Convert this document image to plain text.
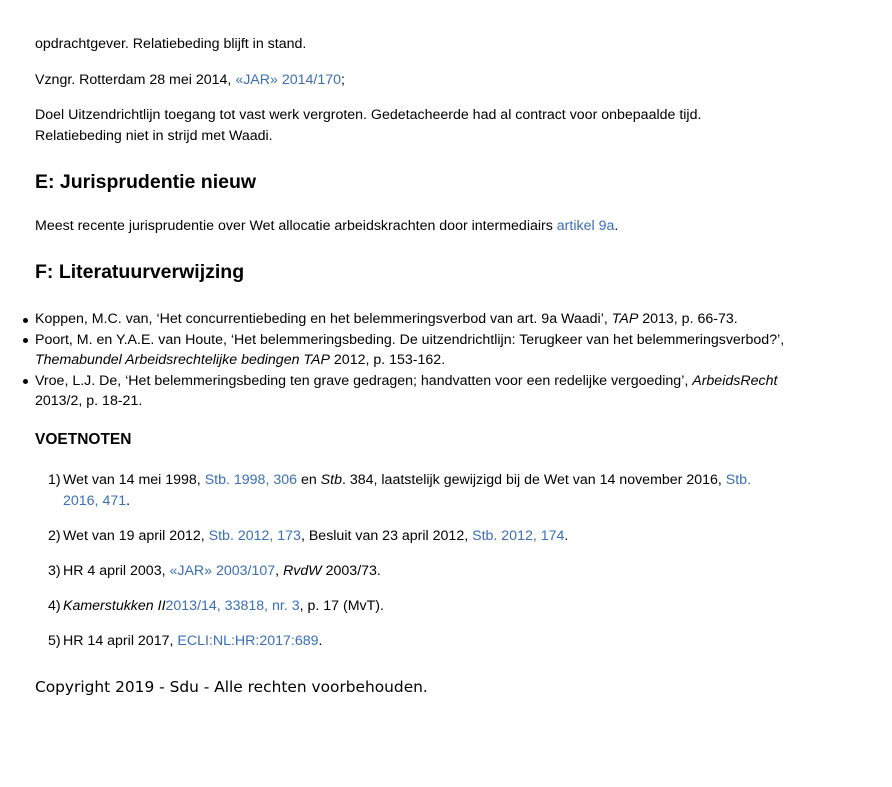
opdrachtgever. Relatiebeding blijft in stand.

Vzngr. Rotterdam 28 mei 2014, «JAR» 2014/170;

Doel Uitzendrichtlijn toegang tot vast werk vergroten. Gedetacheerde had al contract voor onbepaalde tijd.
Relatiebeding niet in strijd met Waadi.

E: Jurisprudentie nieuw

Meest recente jurisprudentie over Wet allocatie arbeidskrachten door intermediairs artikel 9a.

F: Literatuurverwijzing
Koppen, M.C. van, ‘Het concurrentiebeding en het belemmeringsverbod van art. 9a Waadi’, TAP 2013, p. 66-73.
Poort, M. en Y.A.E. van Houte, ‘Het belemmeringsbeding. De uitzendrichtlijn: Terugkeer van het belemmeringsverbod?’,
Themabundel Arbeidsrechtelijke bedingen TAP 2012, p. 153-162.
Vroe, L.J. De, ‘Het belemmeringsbeding ten grave gedragen; handvatten voor een redelijke vergoeding’, ArbeidsRecht
2013/2, p. 18-21.

VOETNOTEN

1) Wet van 14 mei 1998, Stb. 1998, 306 en Stb. 384, laatstelijk gewijzigd bij de Wet van 14 november 2016, Stb.
2016, 471.

2) Wet van 19 april 2012, Stb. 2012, 173, Besluit van 23 april 2012, Stb. 2012, 174.

3) HR 4 april 2003, «JAR» 2003/107, RvdW 2003/73.

4) Kamerstukken II2013/14, 33818, nr. 3, p. 17 (MvT).

5) HR 14 april 2017, ECLI:NL:HR:2017:689.

Copyright 2019 - Sdu - Alle rechten voorbehouden.
